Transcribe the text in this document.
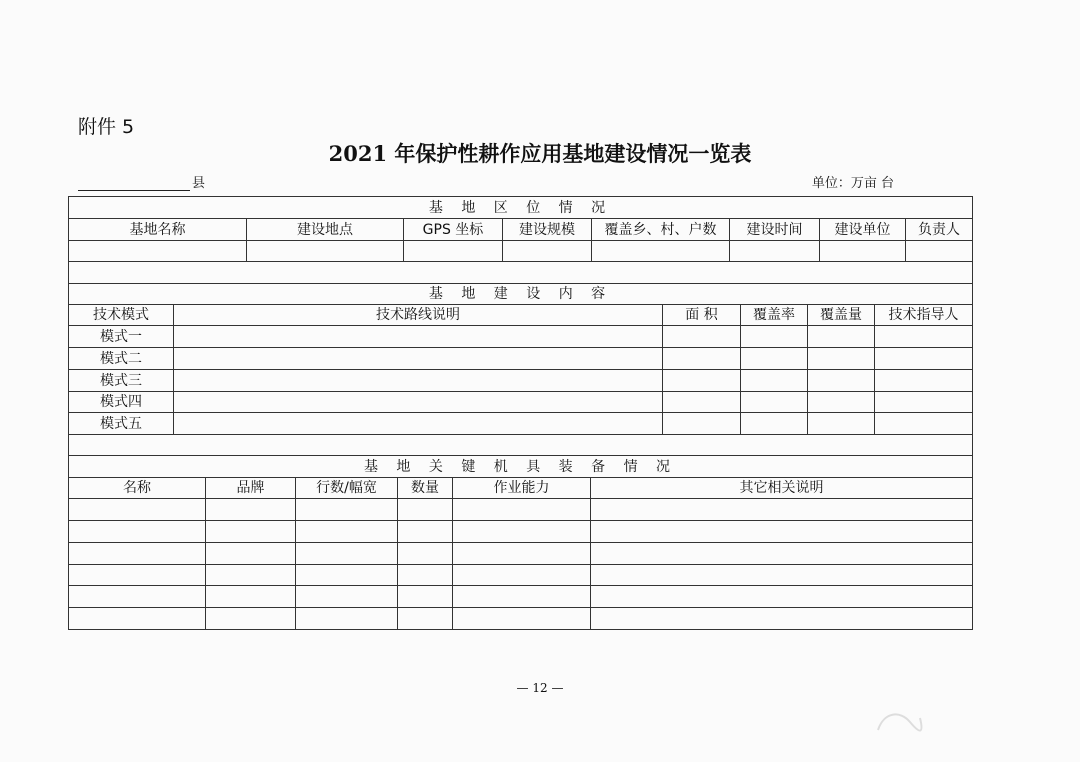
附件 5
2021 年保护性耕作应用基地建设情况一览表
县	单位：万亩 台
基 地 区 位 情 况							
基地名称	建设地点	GPS 坐标	建设规模	覆盖乡、村、户数	建设时间	建设单位	负责人

基 地 建 设 内 容					
技术模式	技术路线说明	面 积	覆盖率	覆盖量	技术指导人
模式一					
模式二					
模式三					
模式四					
模式五					

基 地 关 键 机 具 装 备 情 况					
名称	品牌	行数/幅宽	数量	作业能力	其它相关说明

— 12 —
